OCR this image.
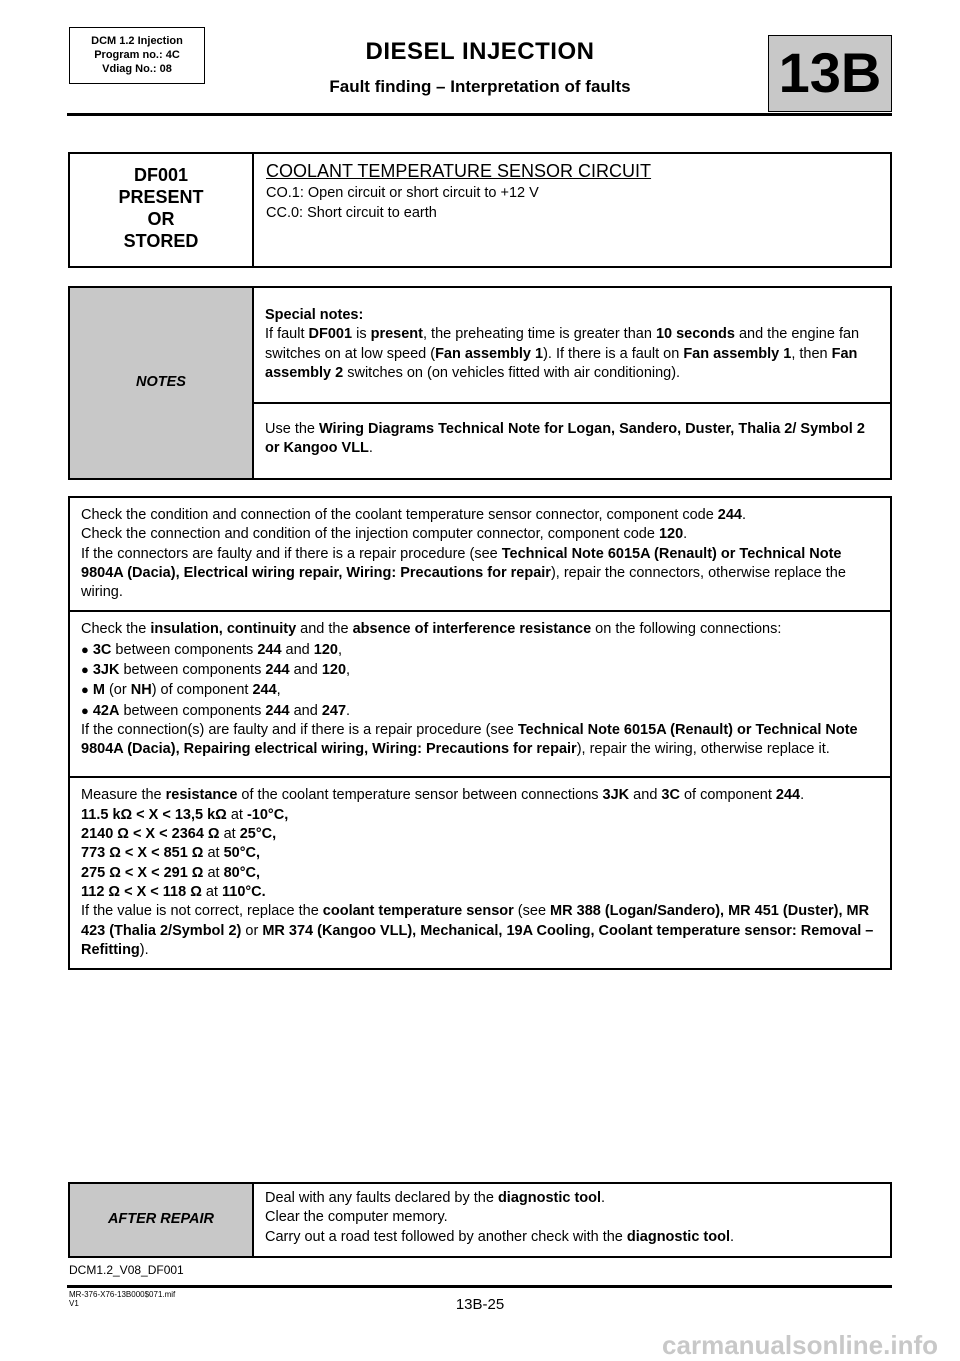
DCM 1.2 Injection
Program no.: 4C
Vdiag No.: 08
DIESEL INJECTION
Fault finding – Interpretation of faults	13B
DF001
PRESENT
OR
STORED

COOLANT TEMPERATURE SENSOR CIRCUIT
CO.1: Open circuit or short circuit to +12 V
CC.0: Short circuit to earth
NOTES	Special notes:
If fault DF001 is present, the preheating time is greater than 10 seconds and the engine fan switches on at low speed (Fan assembly 1). If there is a fault on Fan assembly 1, then Fan assembly 2 switches on (on vehicles fitted with air conditioning).
Use the Wiring Diagrams Technical Note for Logan, Sandero, Duster, Thalia 2/ Symbol 2 or Kangoo VLL.
Check the condition and connection of the coolant temperature sensor connector, component code 244.
Check the connection and condition of the injection computer connector, component code 120.
If the connectors are faulty and if there is a repair procedure (see Technical Note 6015A (Renault) or Technical Note 9804A (Dacia), Electrical wiring repair, Wiring: Precautions for repair), repair the connectors, otherwise replace the wiring.
Check the insulation, continuity and the absence of interference resistance on the following connections:
● 3C between components 244 and 120,
● 3JK between components 244 and 120,
● M (or NH) of component 244,
● 42A between components 244 and 247.
If the connection(s) are faulty and if there is a repair procedure (see Technical Note 6015A (Renault) or Technical Note 9804A (Dacia), Repairing electrical wiring, Wiring: Precautions for repair), repair the wiring, otherwise replace it.
Measure the resistance of the coolant temperature sensor between connections 3JK and 3C of component 244.
11.5 kΩ < X < 13,5 kΩ at -10°C,
2140 Ω < X < 2364 Ω at 25°C,
773 Ω < X < 851 Ω at 50°C,
275 Ω < X < 291 Ω at 80°C,
112 Ω < X < 118 Ω at 110°C.
If the value is not correct, replace the coolant temperature sensor (see MR 388 (Logan/Sandero), MR 451 (Duster), MR 423 (Thalia 2/Symbol 2) or MR 374 (Kangoo VLL), Mechanical, 19A Cooling, Coolant temperature sensor: Removal – Refitting).
AFTER REPAIR	Deal with any faults declared by the diagnostic tool.
Clear the computer memory.
Carry out a road test followed by another check with the diagnostic tool.
DCM1.2_V08_DF001
MR-376-X76-13B000$071.mif
V1	13B-25
carmanualsonline.info
